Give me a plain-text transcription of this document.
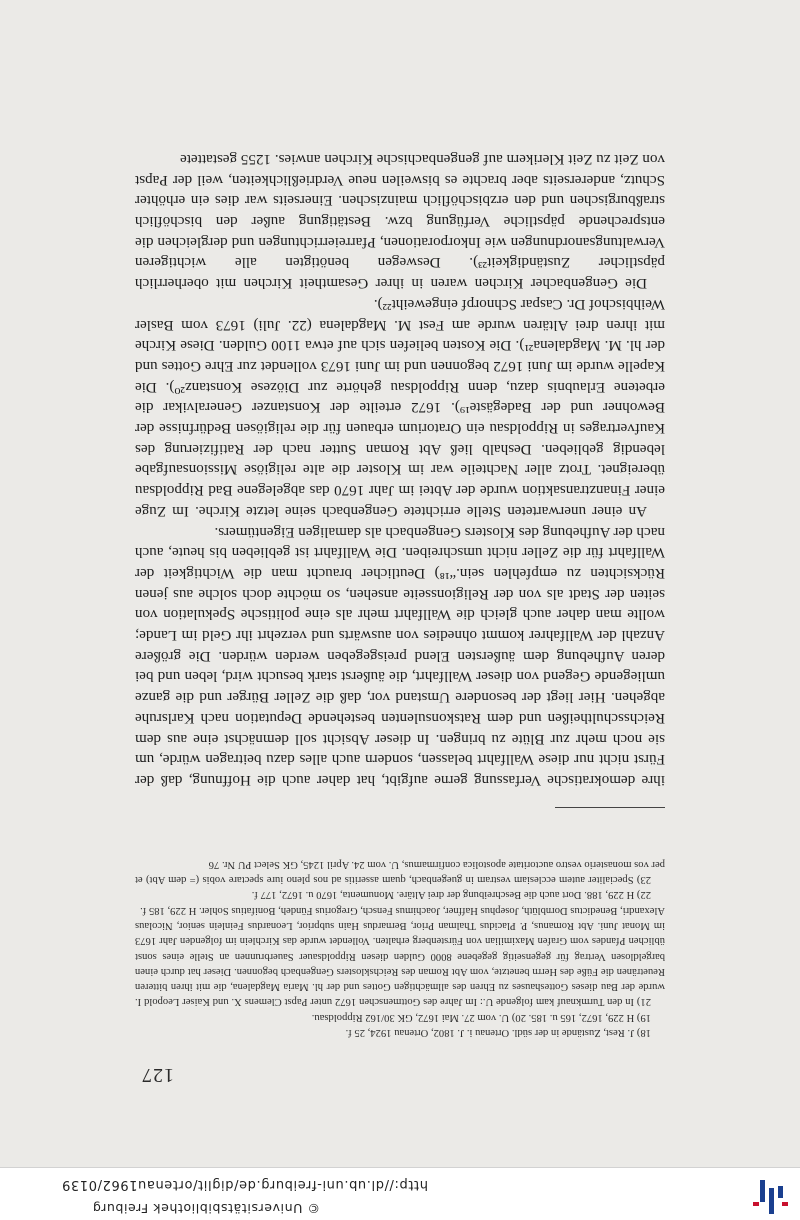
© Universitätsbibliothek Freiburg
http://dl.ub.uni-freiburg.de/diglit/ortenau1962/0139

ihre demokratische Verfassung gerne aufgibt, hat daher auch die Hoffnung, daß der Fürst nicht nur diese Wallfahrt belassen, sondern auch alles dazu beitragen würde, um sie noch mehr zur Blüte zu bringen. In dieser Absicht soll demnächst eine aus dem Reichsschultheißen und dem Ratskonsulenten bestehende Deputation nach Karlsruhe abgehen. Hier liegt der besondere Umstand vor, daß die Zeller Bürger und die ganze umliegende Gegend von dieser Wallfahrt, die äußerst stark besucht wird, leben und bei deren Aufhebung dem äußersten Elend preisgegeben werden würden. Die größere Anzahl der Wallfahrer kommt ohnedies von auswärts und verzehrt ihr Geld im Lande; wollte man daher auch gleich die Wallfahrt mehr als eine politische Spekulation von seiten der Stadt als von der Religionsseite ansehen, so möchte doch solche aus jenen Rücksichten zu empfehlen sein.“¹⁸) Deutlicher braucht man die Wichtigkeit der Wallfahrt für die Zeller nicht umschreiben. Die Wallfahrt ist geblieben bis heute, auch nach der Aufhebung des Klosters Gengenbach als damaligen Eigentümers.

An einer unerwarteten Stelle errichtete Gengenbach seine letzte Kirche. Im Zuge einer Finanztransaktion wurde der Abtei im Jahr 1670 das abgelegene Bad Rippoldsau übereignet. Trotz aller Nachteile war im Kloster die alte religiöse Missionsaufgabe lebendig geblieben. Deshalb ließ Abt Roman Sutter nach der Ratifizierung des Kaufvertrages in Rippoldsau ein Oratorium erbauen für die religiösen Bedürfnisse der Bewohner und der Badegäste¹⁹). 1672 erteilte der Konstanzer Generalvikar die erbetene Erlaubnis dazu, denn Rippoldsau gehörte zur Diözese Konstanz²⁰). Die Kapelle wurde im Juni 1672 begonnen und im Juni 1673 vollendet zur Ehre Gottes und der hl. M. Magdalena²¹). Die Kosten beliefen sich auf etwa 1100 Gulden. Diese Kirche mit ihren drei Altären wurde am Fest M. Magdalena (22. Juli) 1673 vom Basler Weihbischof Dr. Caspar Schnorpf eingeweiht²²).

Die Gengenbacher Kirchen waren in ihrer Gesamtheit Kirchen mit oberherrlich päpstlicher Zuständigkeit²³). Deswegen benötigten alle wichtigeren Verwaltungsanordnungen wie Inkorporationen, Pfarreierrichtungen und dergleichen die entsprechende päpstliche Verfügung bzw. Bestätigung außer den bischöflich straßburgischen und den erzbischöflich mainzischen. Einerseits war dies ein erhöhter Schutz, andererseits aber brachte es bisweilen neue Verdrießlichkeiten, weil der Papst von Zeit zu Zeit Klerikern auf gengenbachische Kirchen anwies. 1255 gestattete

18) J. Rest, Zustände in der südl. Ortenau i. J. 1802, Ortenau 1924, 25 f.

19) H 229, 1672, 165 u. 185. 20) U. vom 27. Mai 1672, GK 30/162 Rippoldsau.

21) In den Turmknauf kam folgende U.: Im Jahre des Gottmenschen 1672 unter Papst Clemens X. und Kaiser Leopold I. wurde der Bau dieses Gotteshauses zu Ehren des allmächtigen Gottes und der hl. Maria Magdalena, die mit ihren bitteren Reuetränen die Füße des Herrn benetzte, vom Abt Roman des Reichsklosters Gengenbach begonnen. Dieser hat durch einen bargeldlosen Vertrag für gegenseitig gegebene 8000 Gulden diesen Rippoldsauer Sauerbrunnen an Stelle eines sonst üblichen Pfandes vom Grafen Maximilian von Fürstenberg erhalten. Vollendet wurde das Kirchlein im folgenden Jahr 1673 im Monat Juni. Abt Romanus, P. Placidus Thalman Prior, Bernardus Hain subprior, Leonardus Feinlein senior, Nicolaus Alexandri, Benedictus Dornblüth, Josephus Haffner, Joachimus Fensch, Gregorius Fündeh, Bonifatius Sohler. H 229, 185 f.

22) H 229, 188. Dort auch die Beschreibung der drei Altäre. Monumenta, 1670 u. 1672, 177 f.

23) Specialiter autem ecclesiam vestram in guegenbach, quam asseritis ad nos pleno iure spectare vobis (= dem Abt) et per vos monasterio vestro auctoritate apostolica confirmamus, U. vom 24. April 1245, GK Select PU Nr. 76

127
